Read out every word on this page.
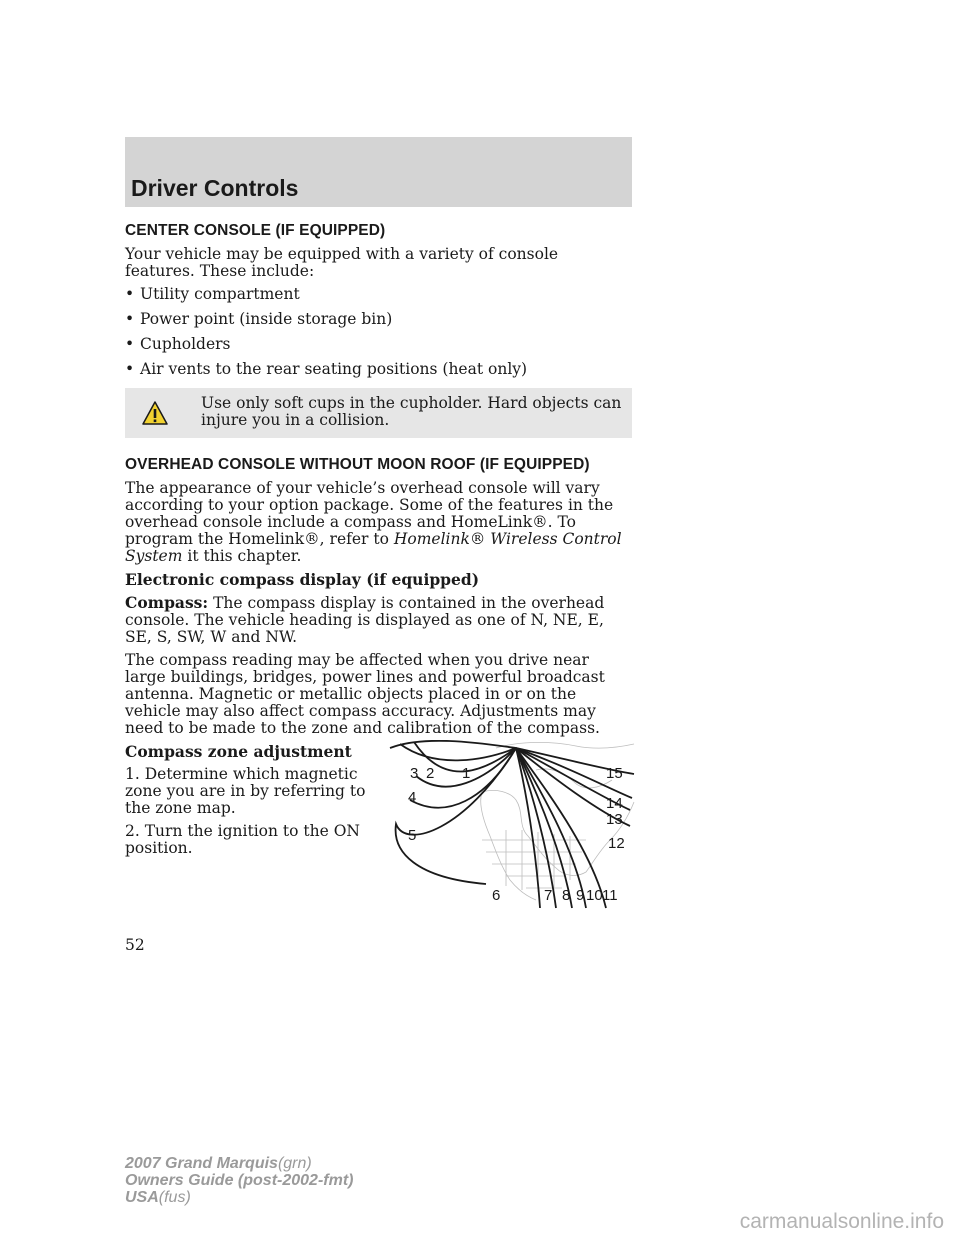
Driver Controls
CENTER CONSOLE (IF EQUIPPED)

Your vehicle may be equipped with a variety of console features. These include:

• Utility compartment
• Power point (inside storage bin)
• Cupholders
• Air vents to the rear seating positions (heat only)

Use only soft cups in the cupholder. Hard objects can injure you in a collision.

OVERHEAD CONSOLE WITHOUT MOON ROOF (IF EQUIPPED)

The appearance of your vehicle’s overhead console will vary according to your option package. Some of the features in the overhead console include a compass and HomeLink®. To program the Homelink®, refer to Homelink® Wireless Control System it this chapter.

Electronic compass display (if equipped)

Compass: The compass display is contained in the overhead console. The vehicle heading is displayed as one of N, NE, E, SE, S, SW, W and NW.

The compass reading may be affected when you drive near large buildings, bridges, power lines and powerful broadcast antenna. Magnetic or metallic objects placed in or on the vehicle may also affect compass accuracy. Adjustments may need to be made to the zone and calibration of the compass.

Compass zone adjustment

1. Determine which magnetic zone you are in by referring to the zone map.

2. Turn the ignition to the ON position.

3 2 1
4
5
6	7 8 9 10 11
12
13
14
15
52
2007 Grand Marquis(grn)
Owners Guide (post-2002-fmt)
USA(fus)
carmanualsonline.info
